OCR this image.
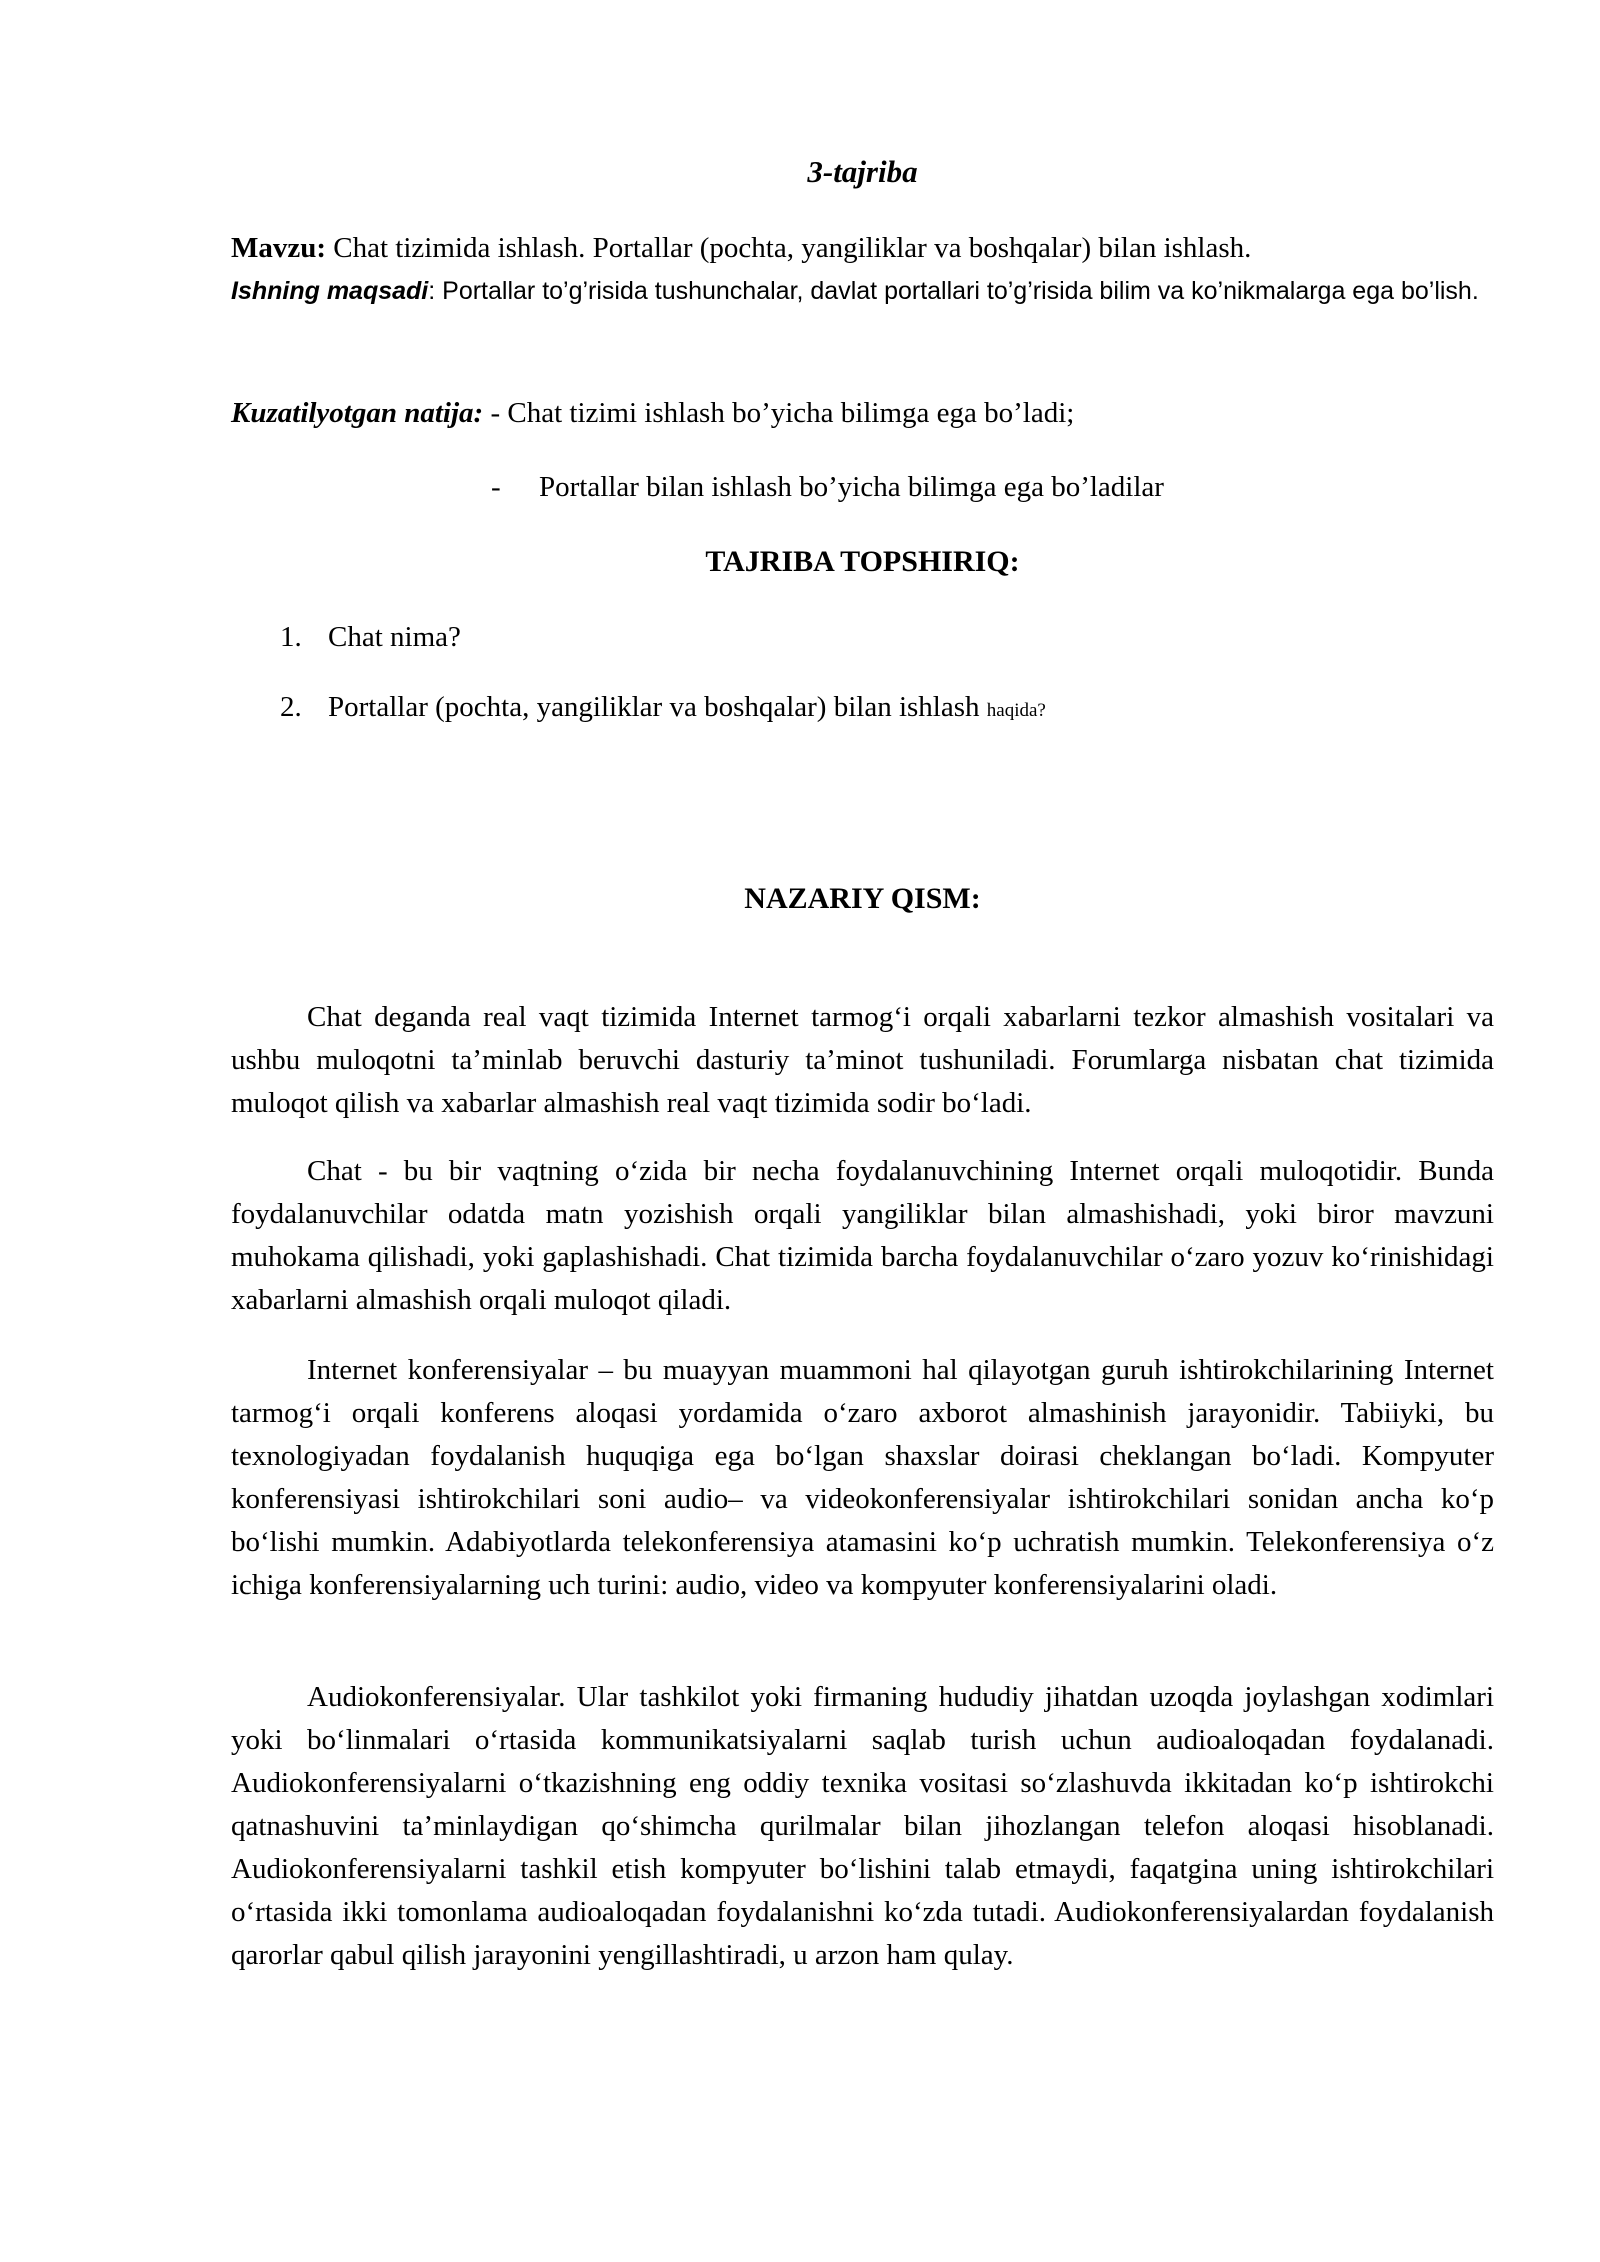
3-tajriba
Mavzu: Chat tizimida ishlash. Portallar (pochta, yangiliklar va boshqalar) bilan ishlash.
Ishning maqsadi: Portallar to’g’risida tushunchalar, davlat portallari to’g’risida bilim va ko’nikmalarga ega bo’lish.
Kuzatilyotgan natija: - Chat tizimi ishlash bo’yicha bilimga ega bo’ladi;
- Portallar bilan ishlash bo’yicha bilimga ega bo’ladilar
TAJRIBA TOPSHIRIQ:
1. Chat nima?
2. Portallar (pochta, yangiliklar va boshqalar) bilan ishlash haqida?
NAZARIY QISM:
Chat deganda real vaqt tizimida Internet tarmog‘i orqali xabarlarni tezkor almashish vositalari va ushbu muloqotni ta’minlab beruvchi dasturiy ta’minot tushuniladi. Forumlarga nisbatan chat tizimida muloqot qilish va xabarlar almashish real vaqt tizimida sodir bo‘ladi.
Chat - bu bir vaqtning o‘zida bir necha foydalanuvchining Internet orqali muloqotidir. Bunda foydalanuvchilar odatda matn yozishish orqali yangiliklar bilan almashishadi, yoki biror mavzuni muhokama qilishadi, yoki gaplashishadi. Chat tizimida barcha foydalanuvchilar o‘zaro yozuv ko‘rinishidagi xabarlarni almashish orqali muloqot qiladi.
Internet konferensiyalar – bu muayyan muammoni hal qilayotgan guruh ishtirokchilarining Internet tarmog‘i orqali konferens aloqasi yordamida o‘zaro axborot almashinish jarayonidir. Tabiiyki, bu texnologiyadan foydalanish huquqiga ega bo‘lgan shaxslar doirasi cheklangan bo‘ladi. Kompyuter konferensiyasi ishtirokchilari soni audio– va videokonferensiyalar ishtirokchilari sonidan ancha ko‘p bo‘lishi mumkin. Adabiyotlarda telekonferensiya atamasini ko‘p uchratish mumkin. Telekonferensiya o‘z ichiga konferensiyalarning uch turini: audio, video va kompyuter konferensiyalarini oladi.
Audiokonferensiyalar. Ular tashkilot yoki firmaning hududiy jihatdan uzoqda joylashgan xodimlari yoki bo‘linmalari o‘rtasida kommunikatsiyalarni saqlab turish uchun audioaloqadan foydalanadi. Audiokonferensiyalarni o‘tkazishning eng oddiy texnika vositasi so‘zlashuvda ikkitadan ko‘p ishtirokchi qatnashuvini ta’minlaydigan qo‘shimcha qurilmalar bilan jihozlangan telefon aloqasi hisoblanadi. Audiokonferensiyalarni tashkil etish kompyuter bo‘lishini talab etmaydi, faqatgina uning ishtirokchilari o‘rtasida ikki tomonlama audioaloqadan foydalanishni ko‘zda tutadi. Audiokonferensiyalardan foydalanish qarorlar qabul qilish jarayonini yengillashtiradi, u arzon ham qulay.
